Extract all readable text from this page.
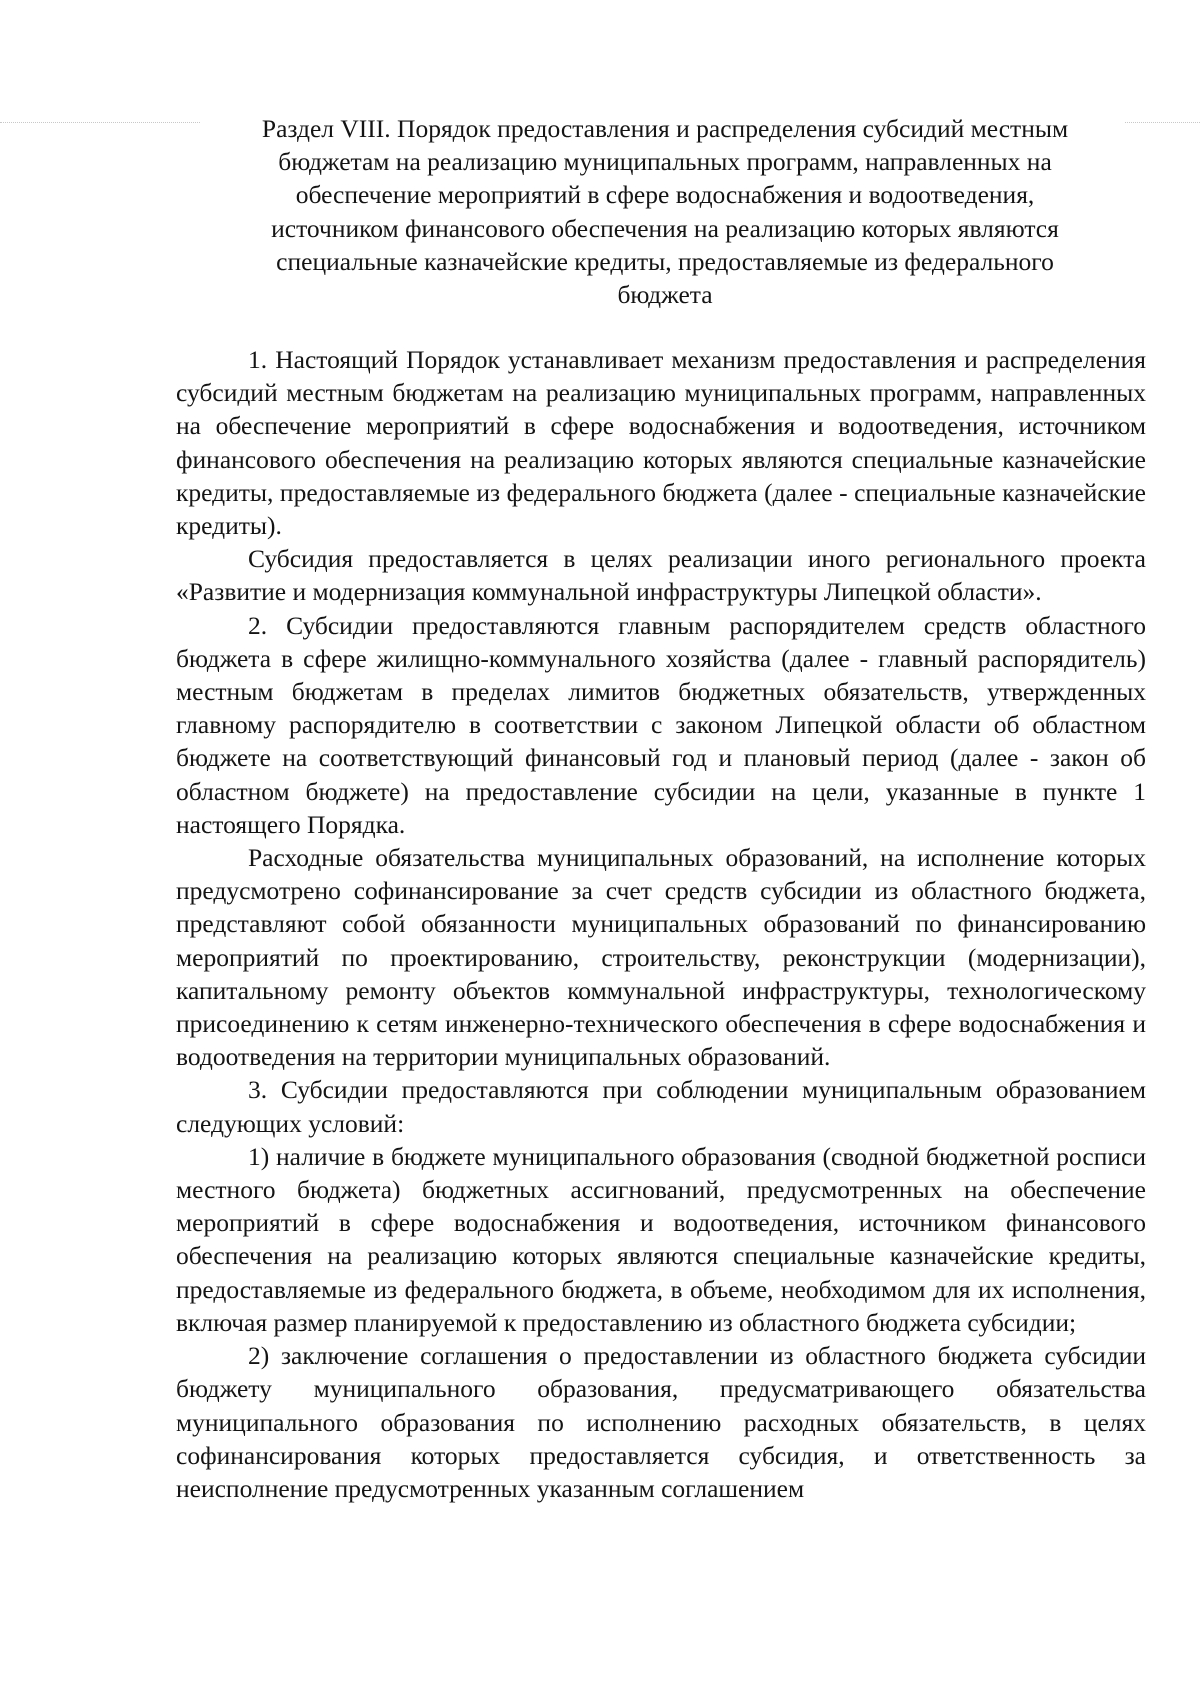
Раздел VIII. Порядок предоставления и распределения субсидий местным
бюджетам на реализацию муниципальных программ, направленных на
обеспечение мероприятий в сфере водоснабжения и водоотведения,
источником финансового обеспечения на реализацию которых являются
специальные казначейские кредиты, предоставляемые из федерального
бюджета

1. Настоящий Порядок устанавливает механизм предоставления и распределения субсидий местным бюджетам на реализацию муниципальных программ, направленных на обеспечение мероприятий в сфере водоснабжения и водоотведения, источником финансового обеспечения на реализацию которых являются специальные казначейские кредиты, предоставляемые из федерального бюджета (далее - специальные казначейские кредиты).

Субсидия предоставляется в целях реализации иного регионального проекта «Развитие и модернизация коммунальной инфраструктуры Липецкой области».

2. Субсидии предоставляются главным распорядителем средств областного бюджета в сфере жилищно-коммунального хозяйства (далее - главный распорядитель) местным бюджетам в пределах лимитов бюджетных обязательств, утвержденных главному распорядителю в соответствии с законом Липецкой области об областном бюджете на соответствующий финансовый год и плановый период (далее - закон об областном бюджете) на предоставление субсидии на цели, указанные в пункте 1 настоящего Порядка.

Расходные обязательства муниципальных образований, на исполнение которых предусмотрено софинансирование за счет средств субсидии из областного бюджета, представляют собой обязанности муниципальных образований по финансированию мероприятий по проектированию, строительству, реконструкции (модернизации), капитальному ремонту объектов коммунальной инфраструктуры, технологическому присоединению к сетям инженерно-технического обеспечения в сфере водоснабжения и водоотведения на территории муниципальных образований.

3. Субсидии предоставляются при соблюдении муниципальным образованием следующих условий:

1) наличие в бюджете муниципального образования (сводной бюджетной росписи местного бюджета) бюджетных ассигнований, предусмотренных на обеспечение мероприятий в сфере водоснабжения и водоотведения, источником финансового обеспечения на реализацию которых являются специальные казначейские кредиты, предоставляемые из федерального бюджета, в объеме, необходимом для их исполнения, включая размер планируемой к предоставлению из областного бюджета субсидии;

2) заключение соглашения о предоставлении из областного бюджета субсидии бюджету муниципального образования, предусматривающего обязательства муниципального образования по исполнению расходных обязательств, в целях софинансирования которых предоставляется субсидия, и ответственность за неисполнение предусмотренных указанным соглашением
